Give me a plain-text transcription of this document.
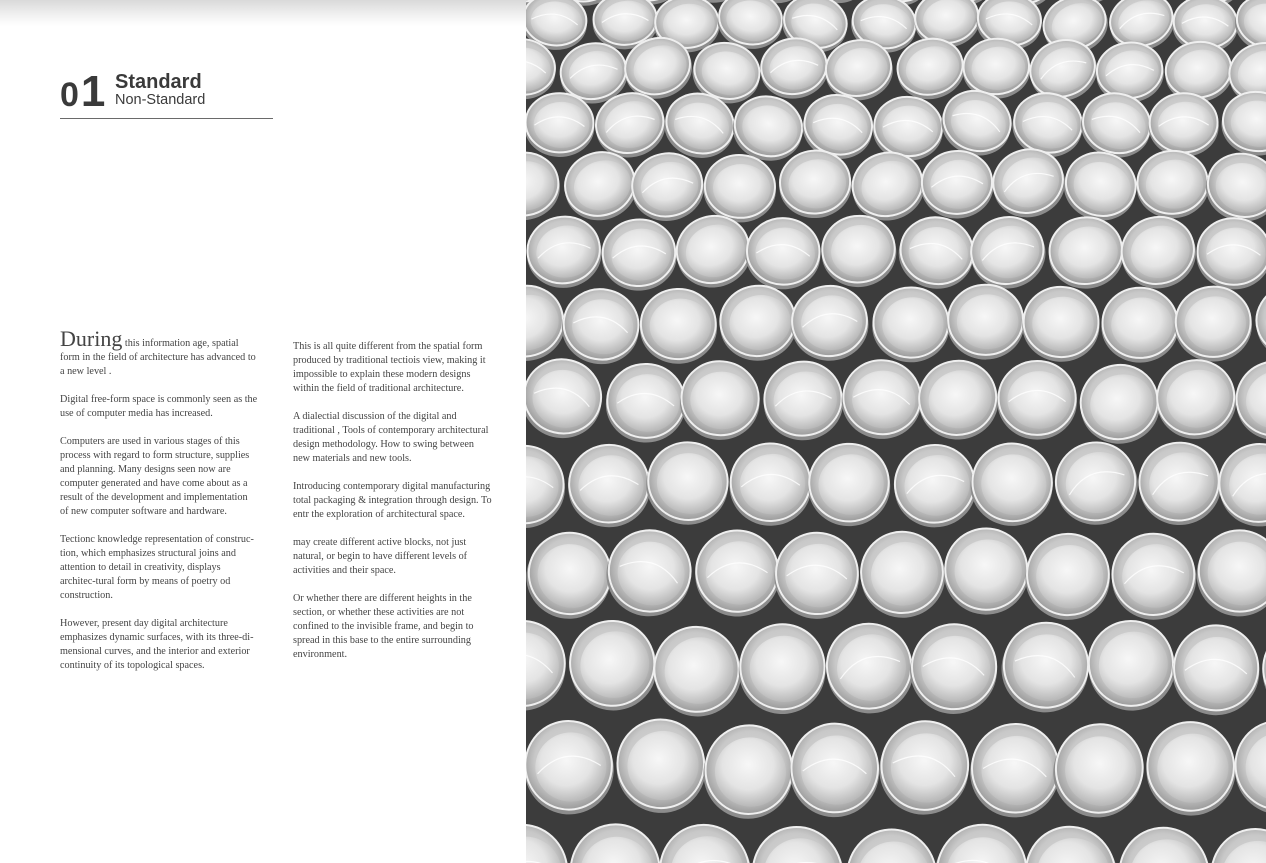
01 Standard
Non-Standard

During this information age, spatial form in the field of architecture has advanced to a new level .

Digital free-form space is commonly seen as the use of computer media has increased.

Computers are used in various stages of this process with regard to form structure, supplies and planning. Many designs seen now are computer generated and have come about as a result of the development and implementation of new computer software and hardware.

Tectionc knowledge representation of construc-tion, which emphasizes structural joins and attention to detail in creativity, displays architec-tural form by means of poetry od construction.

However, present day digital architecture emphasizes dynamic surfaces, with its three-di-mensional curves, and the interior and exterior continuity of its topological spaces.

This is all quite different from the spatial form produced by traditional tectiois view, making it impossible to explain these modern designs within the field of traditional architecture.

A dialectial discussion of the digital and traditional , Tools of contemporary architectural design methodology. How to swing between new materials and new tools.

Introducing contemporary digital manufacturing total packaging & integration through design. To entr the exploration of architectural space.

may create different active blocks, not just natural, or begin to have different levels of activities and their space.

Or whether there are different heights in the section, or whether these activities are not confined to the invisible frame, and begin to spread in this base to the entire surrounding environment.
